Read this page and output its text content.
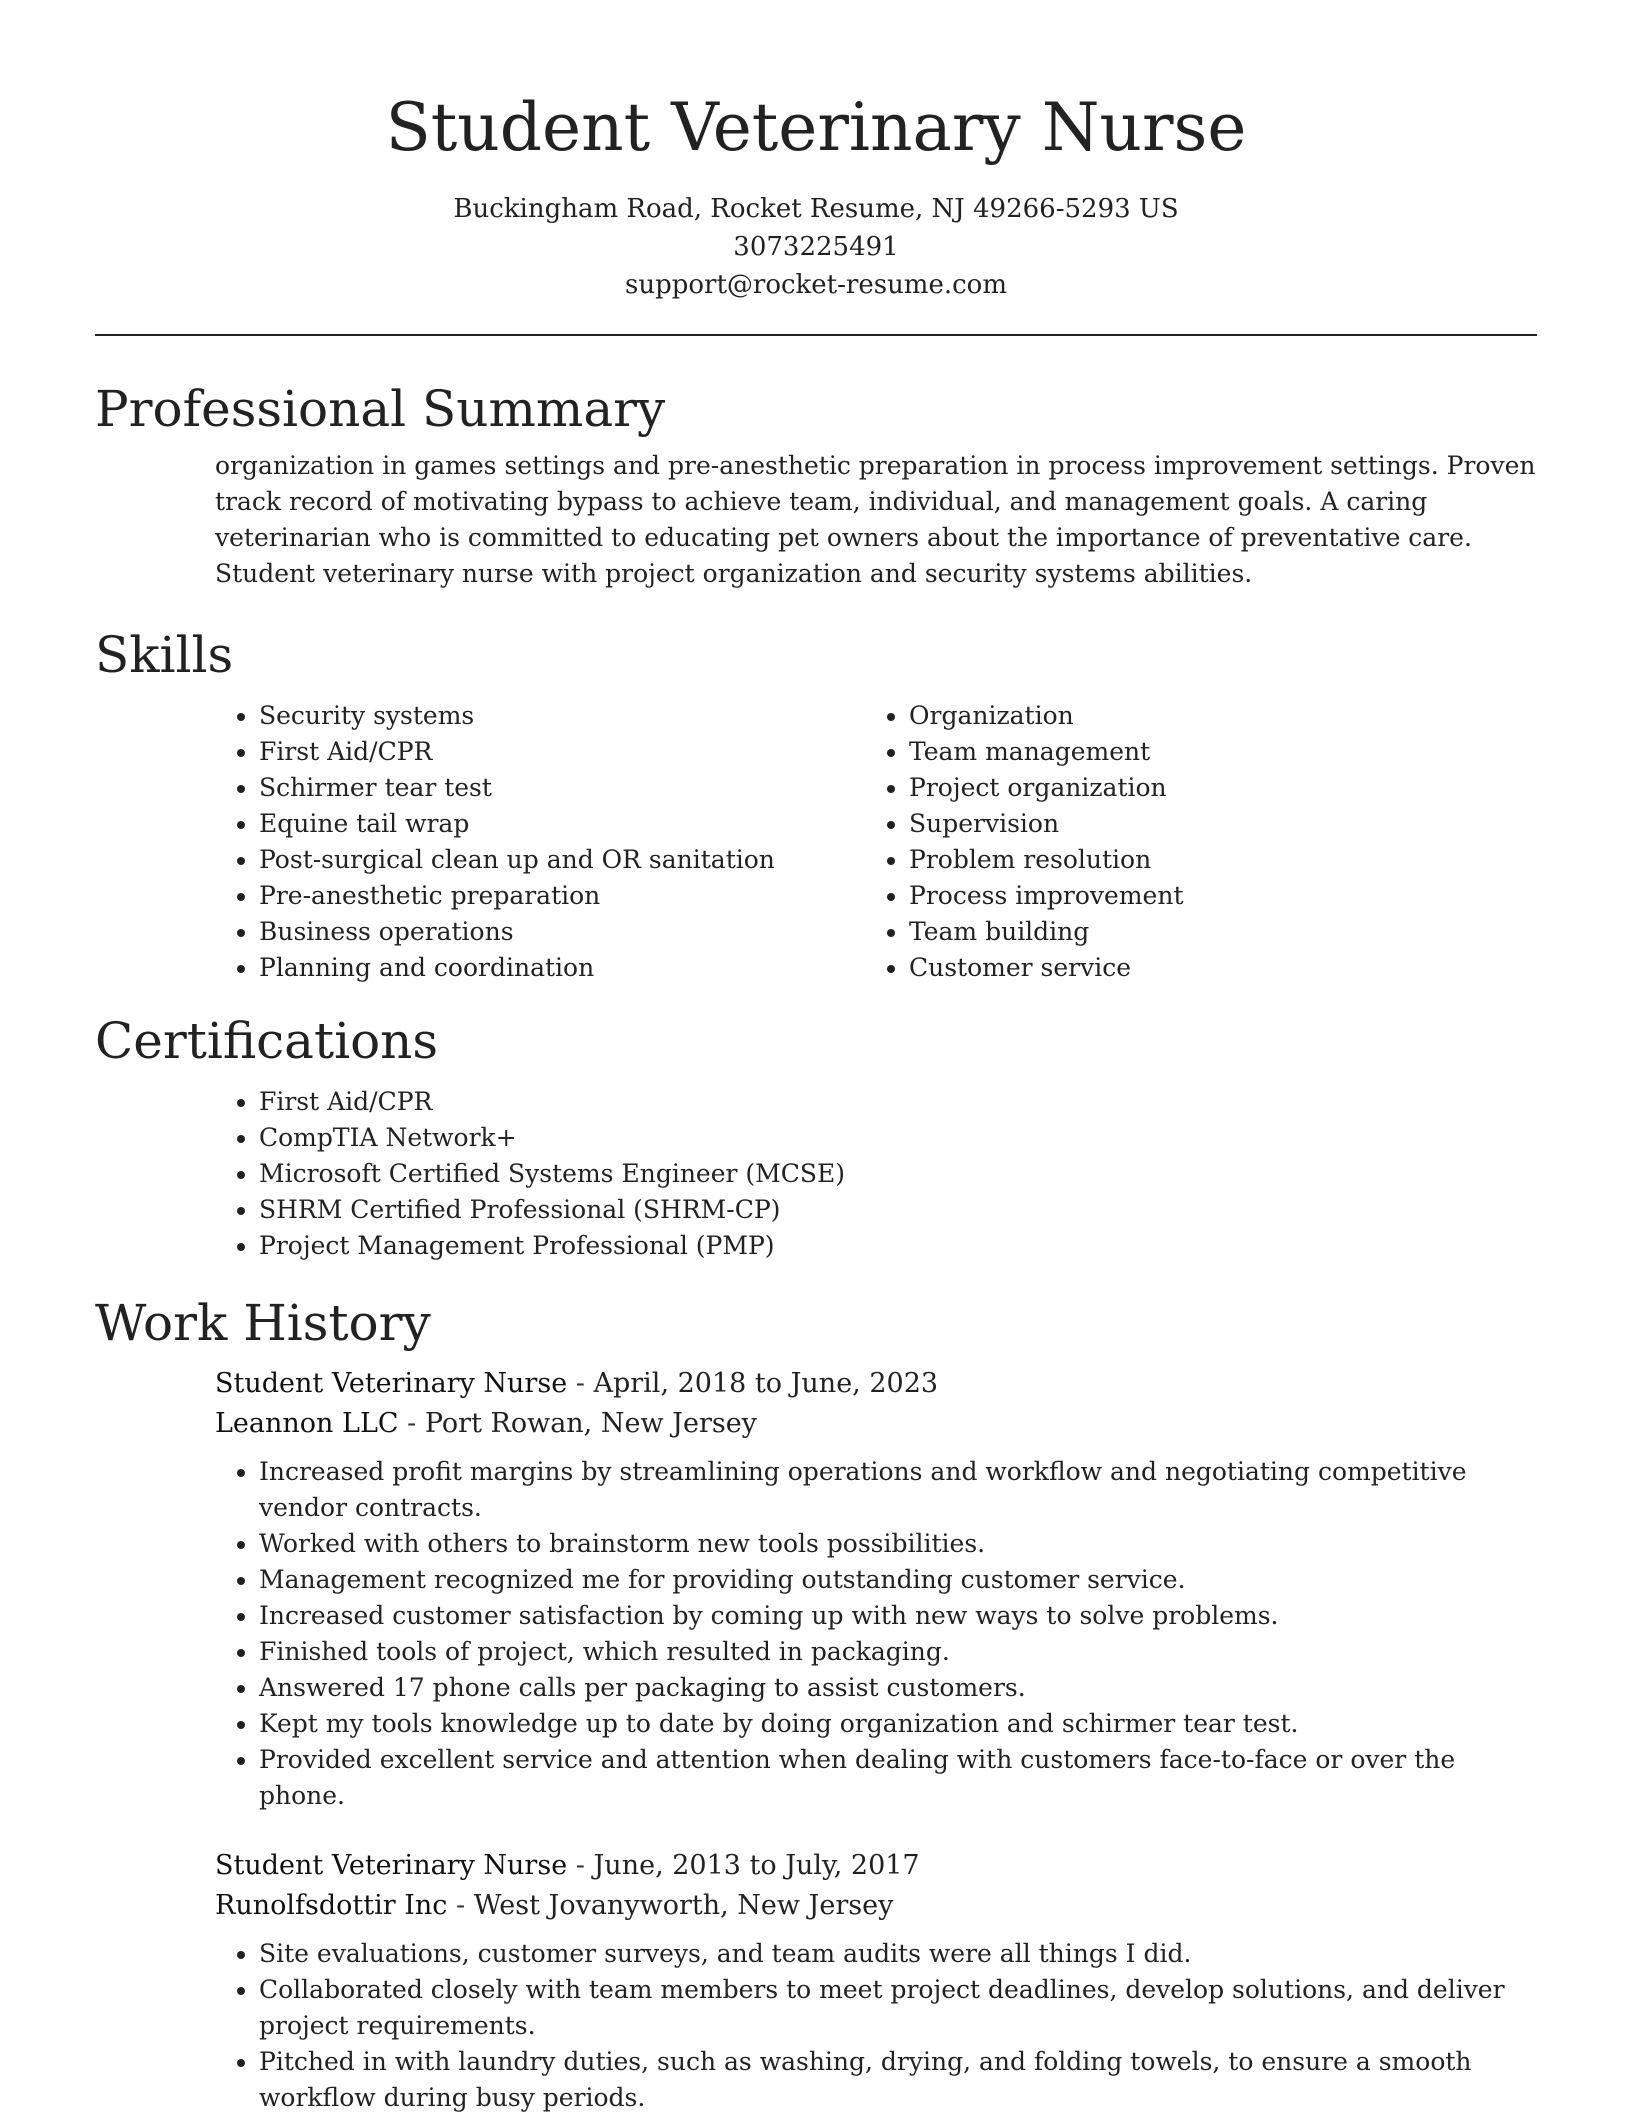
Student Veterinary Nurse
Buckingham Road, Rocket Resume, NJ 49266-5293 US
3073225491
support@rocket-resume.com
Professional Summary

organization in games settings and pre-anesthetic preparation in process improvement settings. Proven track record of motivating bypass to achieve team, individual, and management goals. A caring veterinarian who is committed to educating pet owners about the importance of preventative care. Student veterinary nurse with project organization and security systems abilities.

Skills
• Security systems
• First Aid/CPR
• Schirmer tear test
• Equine tail wrap
• Post-surgical clean up and OR sanitation
• Pre-anesthetic preparation
• Business operations
• Planning and coordination
• Organization
• Team management
• Project organization
• Supervision
• Problem resolution
• Process improvement
• Team building
• Customer service
Certifications
• First Aid/CPR
• CompTIA Network+
• Microsoft Certified Systems Engineer (MCSE)
• SHRM Certified Professional (SHRM-CP)
• Project Management Professional (PMP)
Work History
Student Veterinary Nurse - April, 2018 to June, 2023
Leannon LLC - Port Rowan, New Jersey
• Increased profit margins by streamlining operations and workflow and negotiating competitive vendor contracts.
• Worked with others to brainstorm new tools possibilities.
• Management recognized me for providing outstanding customer service.
• Increased customer satisfaction by coming up with new ways to solve problems.
• Finished tools of project, which resulted in packaging.
• Answered 17 phone calls per packaging to assist customers.
• Kept my tools knowledge up to date by doing organization and schirmer tear test.
• Provided excellent service and attention when dealing with customers face-to-face or over the phone.
Student Veterinary Nurse - June, 2013 to July, 2017
Runolfsdottir Inc - West Jovanyworth, New Jersey
• Site evaluations, customer surveys, and team audits were all things I did.
• Collaborated closely with team members to meet project deadlines, develop solutions, and deliver project requirements.
• Pitched in with laundry duties, such as washing, drying, and folding towels, to ensure a smooth workflow during busy periods.
